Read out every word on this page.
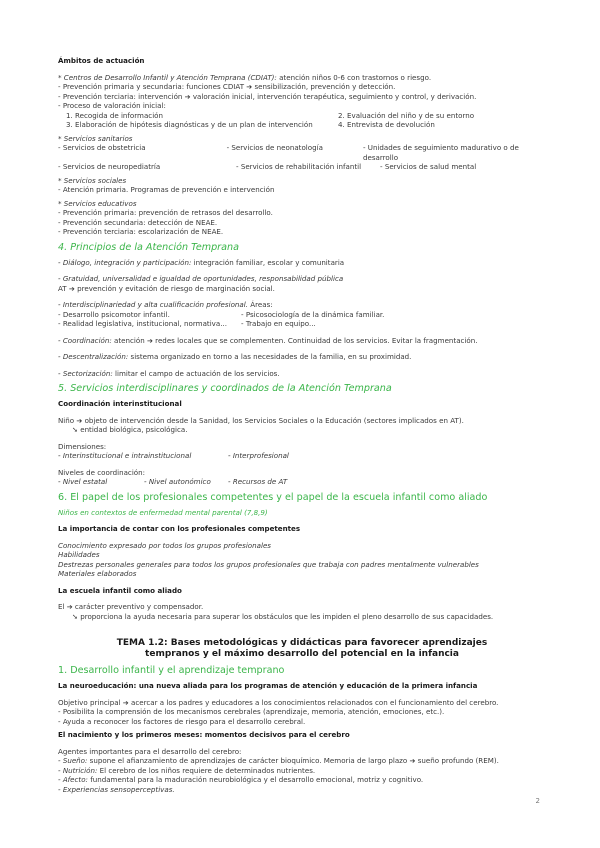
Ámbitos de actuación

* Centros de Desarrollo Infantil y Atención Temprana (CDIAT): atención niños 0-6 con trastornos o riesgo.

- Prevención primaria y secundaria: funciones CDIAT ➔ sensibilización, prevención y detección.

- Prevención terciaria: intervención ➔ valoración inicial, intervención terapéutica, seguimiento y control, y derivación.

- Proceso de valoración inicial:

1. Recogida de información	2. Evaluación del niño y de su entorno
3. Elaboración de hipótesis diagnósticas y de un plan de intervención	4. Entrevista de devolución

* Servicios sanitarios

- Servicios de obstetricia	- Servicios de neonatología	- Unidades de seguimiento madurativo o de desarrollo
- Servicios de neuropediatría	- Servicios de rehabilitación infantil	- Servicios de salud mental

* Servicios sociales

- Atención primaria. Programas de prevención e intervención

* Servicios educativos

- Prevención primaria: prevención de retrasos del desarrollo.

- Prevención secundaria: detección de NEAE.

- Prevención terciaria: escolarización de NEAE.

4. Principios de la Atención Temprana

- Diálogo, integración y participación: integración familiar, escolar y comunitaria

- Gratuidad, universalidad e igualdad de oportunidades, responsabilidad pública

AT ➔ prevención y evitación de riesgo de marginación social.

- Interdisciplinariedad y alta cualificación profesional. Áreas:

- Desarrollo psicomotor infantil.	- Psicosociología de la dinámica familiar.
- Realidad legislativa, institucional, normativa...	- Trabajo en equipo...

- Coordinación: atención ➔ redes locales que se complementen. Continuidad de los servicios. Evitar la fragmentación.

- Descentralización: sistema organizado en torno a las necesidades de la familia, en su proximidad.

- Sectorización: limitar el campo de actuación de los servicios.

5. Servicios interdisciplinares y coordinados de la Atención Temprana

Coordinación interinstitucional

Niño ➔ objeto de intervención desde la Sanidad, los Servicios Sociales o la Educación (sectores implicados en AT).

➘ entidad biológica, psicológica.

Dimensiones:

- Interinstitucional e intrainstitucional	- Interprofesional

Niveles de coordinación:

- Nivel estatal	- Nivel autonómico	- Recursos de AT

6. El papel de los profesionales competentes y el papel de la escuela infantil como aliado

Niños en contextos de enfermedad mental parental (7,8,9)

La importancia de contar con los profesionales competentes

Conocimiento expresado por todos los grupos profesionales

Habilidades

Destrezas personales generales para todos los grupos profesionales que trabaja con padres mentalmente vulnerables

Materiales elaborados

La escuela infantil como aliado

El ➔ carácter preventivo y compensador.

➘ proporciona la ayuda necesaria para superar los obstáculos que les impiden el pleno desarrollo de sus capacidades.

TEMA 1.2: Bases metodológicas y didácticas para favorecer aprendizajes

tempranos y el máximo desarrollo del potencial en la infancia

1. Desarrollo infantil y el aprendizaje temprano

La neuroeducación: una nueva aliada para los programas de atención y educación de la primera infancia

Objetivo principal ➔ acercar a los padres y educadores a los conocimientos relacionados con el funcionamiento del cerebro.

- Posibilita la comprensión de los mecanismos cerebrales (aprendizaje, memoria, atención, emociones, etc.).

- Ayuda a reconocer los factores de riesgo para el desarrollo cerebral.

El nacimiento y los primeros meses: momentos decisivos para el cerebro

Agentes importantes para el desarrollo del cerebro:

- Sueño: supone el afianzamiento de aprendizajes de carácter bioquímico. Memoria de largo plazo ➔ sueño profundo (REM).

- Nutrición: El cerebro de los niños requiere de determinados nutrientes.

- Afecto: fundamental para la maduración neurobiológica y el desarrollo emocional, motriz y cognitivo.

- Experiencias sensoperceptivas.

2
